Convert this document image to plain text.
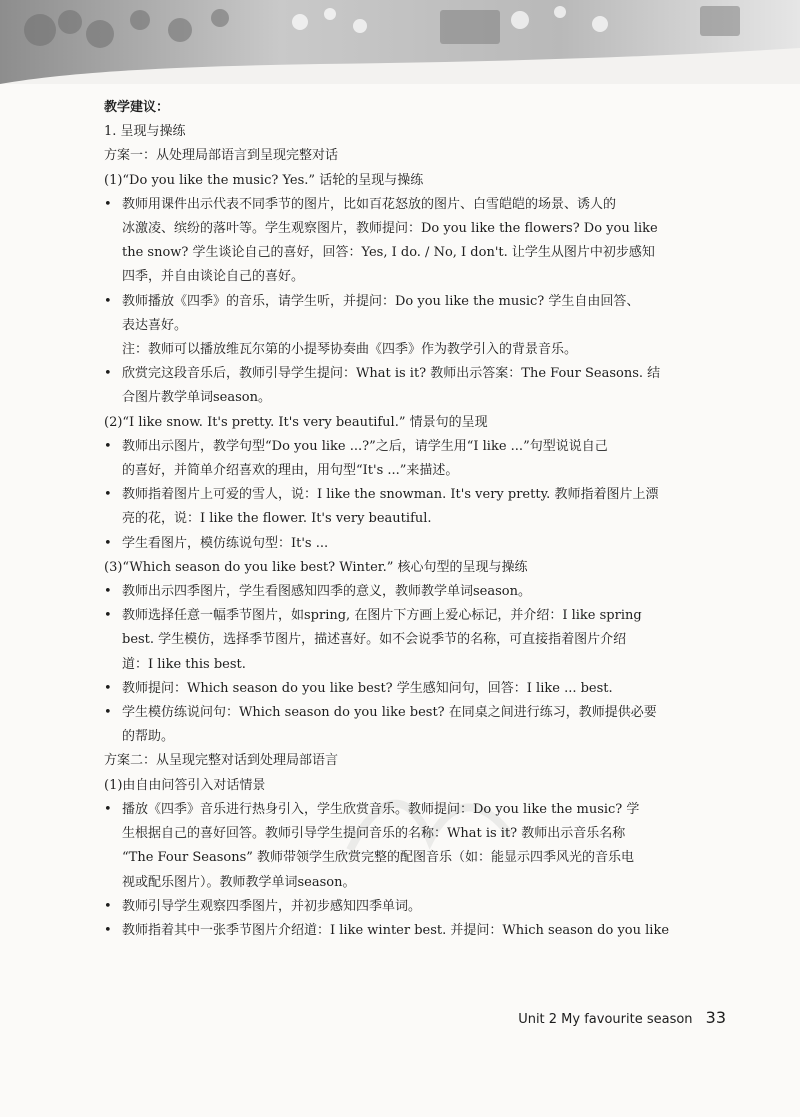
教学建议：
1. 呈现与操练
方案一：从处理局部语言到呈现完整对话
(1)“Do you like the music? Yes.” 话轮的呈现与操练
• 教师用课件出示代表不同季节的图片，比如百花怒放的图片、白雪皑皑的场景、诱人的
冰激凌、缤纷的落叶等。学生观察图片，教师提问：Do you like the flowers? Do you like
the snow? 学生谈论自己的喜好，回答：Yes, I do. / No, I don't. 让学生从图片中初步感知
四季，并自由谈论自己的喜好。
• 教师播放《四季》的音乐，请学生听，并提问：Do you like the music? 学生自由回答、
表达喜好。
注：教师可以播放维瓦尔第的小提琴协奏曲《四季》作为教学引入的背景音乐。
• 欣赏完这段音乐后，教师引导学生提问：What is it? 教师出示答案：The Four Seasons. 结
合图片教学单词season。
(2)“I like snow. It's pretty. It's very beautiful.” 情景句的呈现
• 教师出示图片，教学句型“Do you like ...?”之后，请学生用“I like ...”句型说说自己
的喜好，并简单介绍喜欢的理由，用句型“It's ...”来描述。
• 教师指着图片上可爱的雪人，说：I like the snowman. It's very pretty. 教师指着图片上漂
亮的花，说：I like the flower. It's very beautiful.
• 学生看图片，模仿练说句型：It's ...
(3)“Which season do you like best? Winter.” 核心句型的呈现与操练
• 教师出示四季图片，学生看图感知四季的意义，教师教学单词season。
• 教师选择任意一幅季节图片，如spring, 在图片下方画上爱心标记，并介绍：I like spring
best. 学生模仿，选择季节图片，描述喜好。如不会说季节的名称，可直接指着图片介绍
道：I like this best.
• 教师提问：Which season do you like best? 学生感知问句，回答：I like ... best.
• 学生模仿练说问句：Which season do you like best? 在同桌之间进行练习，教师提供必要
的帮助。
方案二：从呈现完整对话到处理局部语言
(1)由自由问答引入对话情景
• 播放《四季》音乐进行热身引入，学生欣赏音乐。教师提问：Do you like the music? 学
生根据自己的喜好回答。教师引导学生提问音乐的名称：What is it? 教师出示音乐名称
“The Four Seasons” 教师带领学生欣赏完整的配图音乐（如：能显示四季风光的音乐电
视或配乐图片）。教师教学单词season。
• 教师引导学生观察四季图片，并初步感知四季单词。
• 教师指着其中一张季节图片介绍道：I like winter best. 并提问：Which season do you like
Unit 2 My favourite season 33
